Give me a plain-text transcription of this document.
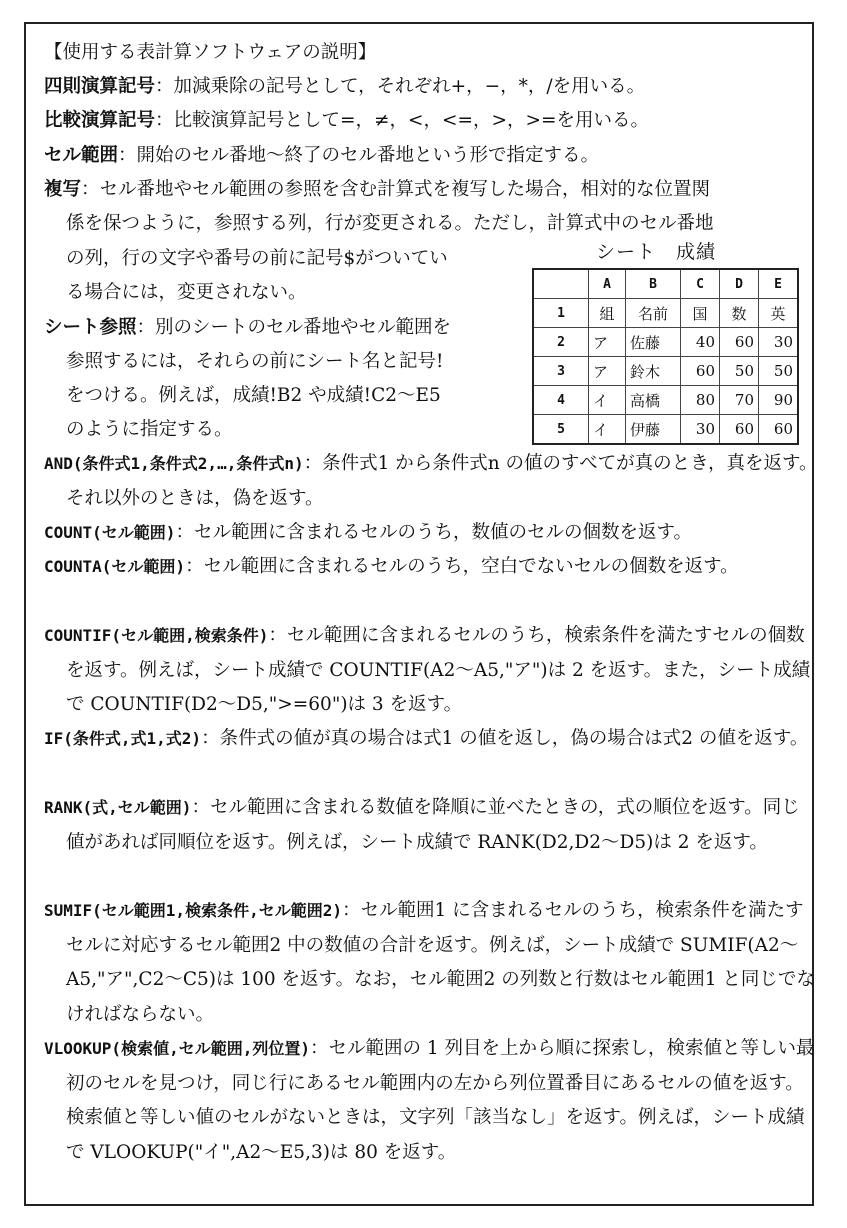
【使用する表計算ソフトウェアの説明】
四則演算記号：加減乗除の記号として，それぞれ+，−，*，/を用いる。
比較演算記号：比較演算記号として=，≠，<，<=，>，>=を用いる。
セル範囲：開始のセル番地〜終了のセル番地という形で指定する。
複写：セル番地やセル範囲の参照を含む計算式を複写した場合，相対的な位置関
係を保つように，参照する列，行が変更される。ただし，計算式中のセル番地
の列，行の文字や番号の前に記号$がついてい
る場合には，変更されない。
シート参照：別のシートのセル番地やセル範囲を
参照するには，それらの前にシート名と記号!
をつける。例えば，成績!B2 や成績!C2〜E5
のように指定する。
シート　成績
	A	B	C	D	E
1	組	名前	国	数	英
2	ア	佐藤	40	60	30
3	ア	鈴木	60	50	50
4	イ	高橋	80	70	90
5	イ	伊藤	30	60	60
AND(条件式1,条件式2,…,条件式n)：条件式1 から条件式n の値のすべてが真のとき，真を返す。それ以外のときは，偽を返す。
COUNT(セル範囲)：セル範囲に含まれるセルのうち，数値のセルの個数を返す。
COUNTA(セル範囲)：セル範囲に含まれるセルのうち，空白でないセルの個数を返す。
COUNTIF(セル範囲,検索条件)：セル範囲に含まれるセルのうち，検索条件を満たすセルの個数を返す。例えば，シート成績で COUNTIF(A2〜A5,"ア")は 2 を返す。また，シート成績で COUNTIF(D2〜D5,">=60")は 3 を返す。
IF(条件式,式1,式2)：条件式の値が真の場合は式1 の値を返し，偽の場合は式2 の値を返す。
RANK(式,セル範囲)：セル範囲に含まれる数値を降順に並べたときの，式の順位を返す。同じ値があれば同順位を返す。例えば，シート成績で RANK(D2,D2〜D5)は 2 を返す。
SUMIF(セル範囲1,検索条件,セル範囲2)：セル範囲1 に含まれるセルのうち，検索条件を満たすセルに対応するセル範囲2 中の数値の合計を返す。例えば，シート成績で SUMIF(A2〜A5,"ア",C2〜C5)は 100 を返す。なお，セル範囲2 の列数と行数はセル範囲1 と同じでなければならない。
VLOOKUP(検索値,セル範囲,列位置)：セル範囲の 1 列目を上から順に探索し，検索値と等しい最初のセルを見つけ，同じ行にあるセル範囲内の左から列位置番目にあるセルの値を返す。検索値と等しい値のセルがないときは，文字列「該当なし」を返す。例えば，シート成績で VLOOKUP("イ",A2〜E5,3)は 80 を返す。
